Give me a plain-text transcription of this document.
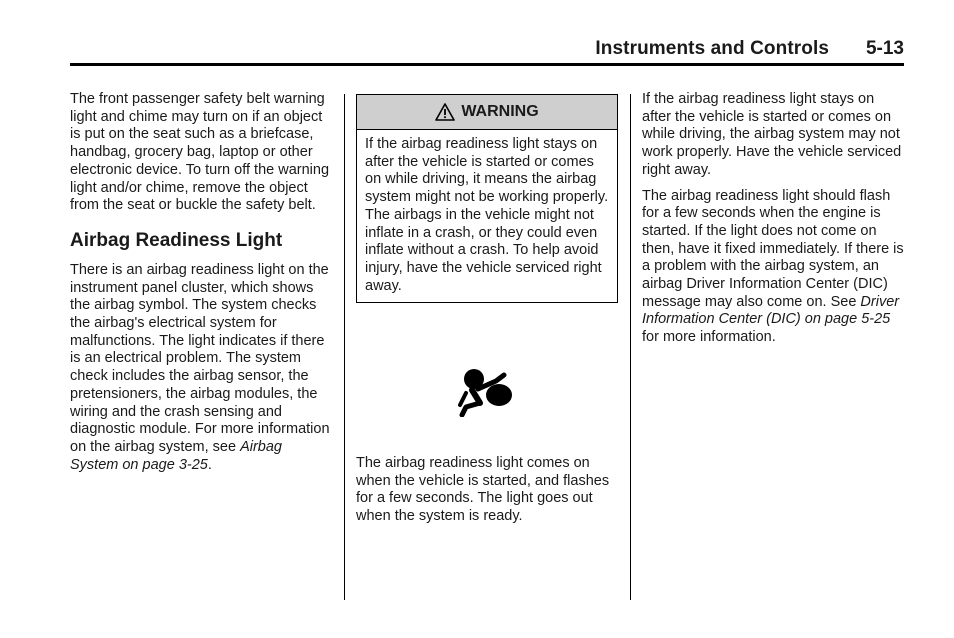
Instruments and Controls 5-13

The front passenger safety belt warning light and chime may turn on if an object is put on the seat such as a briefcase, handbag, grocery bag, laptop or other electronic device. To turn off the warning light and/or chime, remove the object from the seat or buckle the safety belt.

Airbag Readiness Light

There is an airbag readiness light on the instrument panel cluster, which shows the airbag symbol. The system checks the airbag's electrical system for malfunctions. The light indicates if there is an electrical problem. The system check includes the airbag sensor, the pretensioners, the airbag modules, the wiring and the crash sensing and diagnostic module. For more information on the airbag system, see Airbag System on page 3-25.

WARNING
If the airbag readiness light stays on after the vehicle is started or comes on while driving, it means the airbag system might not be working properly. The airbags in the vehicle might not inflate in a crash, or they could even inflate without a crash. To help avoid injury, have the vehicle serviced right away.

The airbag readiness light comes on when the vehicle is started, and flashes for a few seconds. The light goes out when the system is ready.

If the airbag readiness light stays on after the vehicle is started or comes on while driving, the airbag system may not work properly. Have the vehicle serviced right away.

The airbag readiness light should flash for a few seconds when the engine is started. If the light does not come on then, have it fixed immediately. If there is a problem with the airbag system, an airbag Driver Information Center (DIC) message may also come on. See Driver Information Center (DIC) on page 5-25 for more information.
